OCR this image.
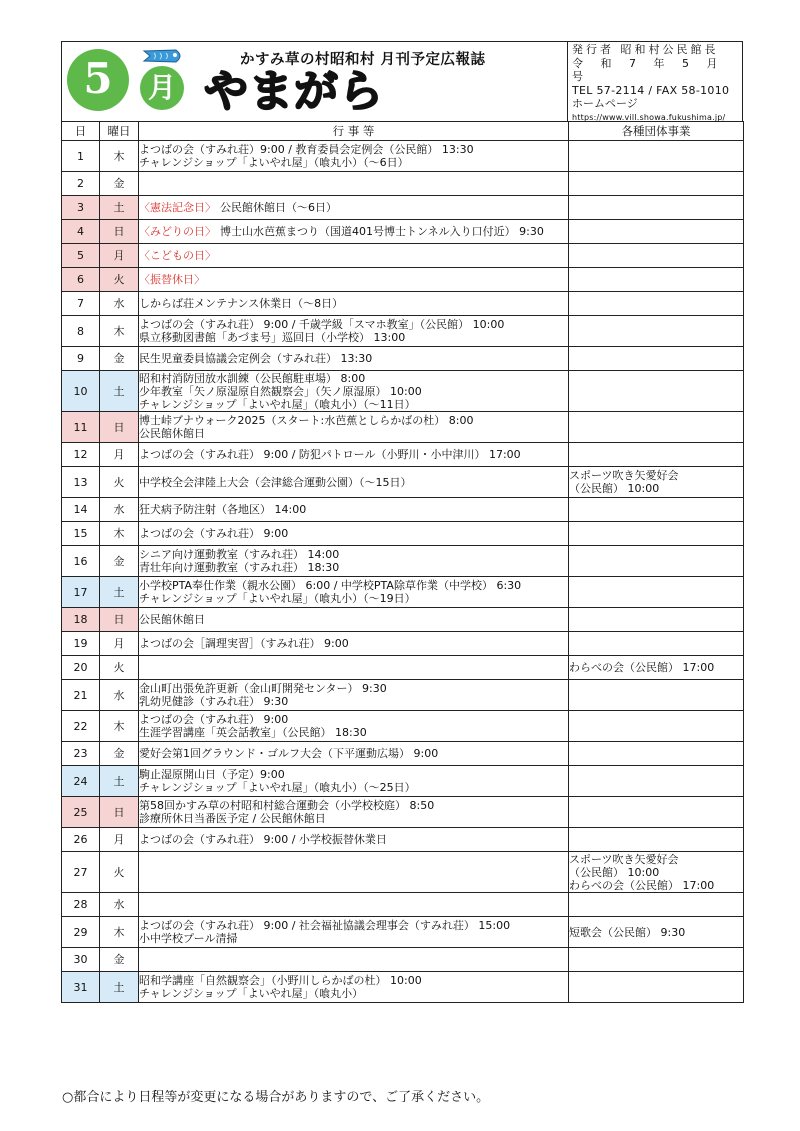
5	月
かすみ草の村昭和村 月刊予定広報誌
やまがら
発行者 昭和村公民館長
令 和 7 年 5 月 号
TEL 57-2114 / FAX 58-1010
ホームページ
https://www.vill.showa.fukushima.jp/
日	曜日	行 事 等	各種団体事業
1	木	よつばの会（すみれ荘）9:00 / 教育委員会定例会（公民館） 13:30
チャレンジショップ「よいやれ屋」（喰丸小）（～6日）	

2	金		
3	土	〈憲法記念日〉 公民館休館日（～6日）	

4	日	〈みどりの日〉 博士山水芭蕉まつり（国道401号博士トンネル入り口付近） 9:30	

5	月	〈こどもの日〉	

6	火	〈振替休日〉	

7	水	しからば荘メンテナンス休業日（～8日）	

8	木	よつばの会（すみれ荘） 9:00 / 千歳学級「スマホ教室」（公民館） 10:00
県立移動図書館「あづま号」巡回日（小学校） 13:00	

9	金	民生児童委員協議会定例会（すみれ荘） 13:30	

10	土	昭和村消防団放水訓練（公民館駐車場） 8:00
少年教室「矢ノ原湿原自然観察会」（矢ノ原湿原） 10:00
チャレンジショップ「よいやれ屋」（喰丸小）（～11日）	

11	日	博士峠ブナウォーク2025（スタート:水芭蕉としらかばの杜） 8:00
公民館休館日	

12	月	よつばの会（すみれ荘） 9:00 / 防犯パトロール（小野川・小中津川） 17:00	

13	火	中学校全会津陸上大会（会津総合運動公園）（～15日）	スポーツ吹き矢愛好会
（公民館） 10:00

14	水	狂犬病予防注射（各地区） 14:00	

15	木	よつばの会（すみれ荘） 9:00	

16	金	シニア向け運動教室（すみれ荘） 14:00
青壮年向け運動教室（すみれ荘） 18:30	

17	土	小学校PTA奉仕作業（親水公園） 6:00 / 中学校PTA除草作業（中学校） 6:30
チャレンジショップ「よいやれ屋」（喰丸小）（～19日）	

18	日	公民館休館日	

19	月	よつばの会［調理実習］（すみれ荘） 9:00	

20	火		わらべの会（公民館） 17:00

21	水	金山町出張免許更新（金山町開発センター） 9:30
乳幼児健診（すみれ荘） 9:30	

22	木	よつばの会（すみれ荘） 9:00
生涯学習講座「英会話教室」（公民館） 18:30	

23	金	愛好会第1回グラウンド・ゴルフ大会（下平運動広場） 9:00	

24	土	駒止湿原開山日（予定）9:00
チャレンジショップ「よいやれ屋」（喰丸小）（～25日）	

25	日	第58回かすみ草の村昭和村総合運動会（小学校校庭） 8:50
診療所休日当番医予定 / 公民館休館日	

26	月	よつばの会（すみれ荘） 9:00 / 小学校振替休業日	

27	火		スポーツ吹き矢愛好会
（公民館） 10:00
わらべの会（公民館） 17:00

28	水		
29	木	よつばの会（すみれ荘） 9:00 / 社会福祉協議会理事会（すみれ荘） 15:00
小中学校プール清掃	短歌会（公民館） 9:30

30	金		
31	土	昭和学講座「自然観察会」（小野川しらかばの杜） 10:00
チャレンジショップ「よいやれ屋」（喰丸小）	

○都合により日程等が変更になる場合がありますので、ご了承ください。
